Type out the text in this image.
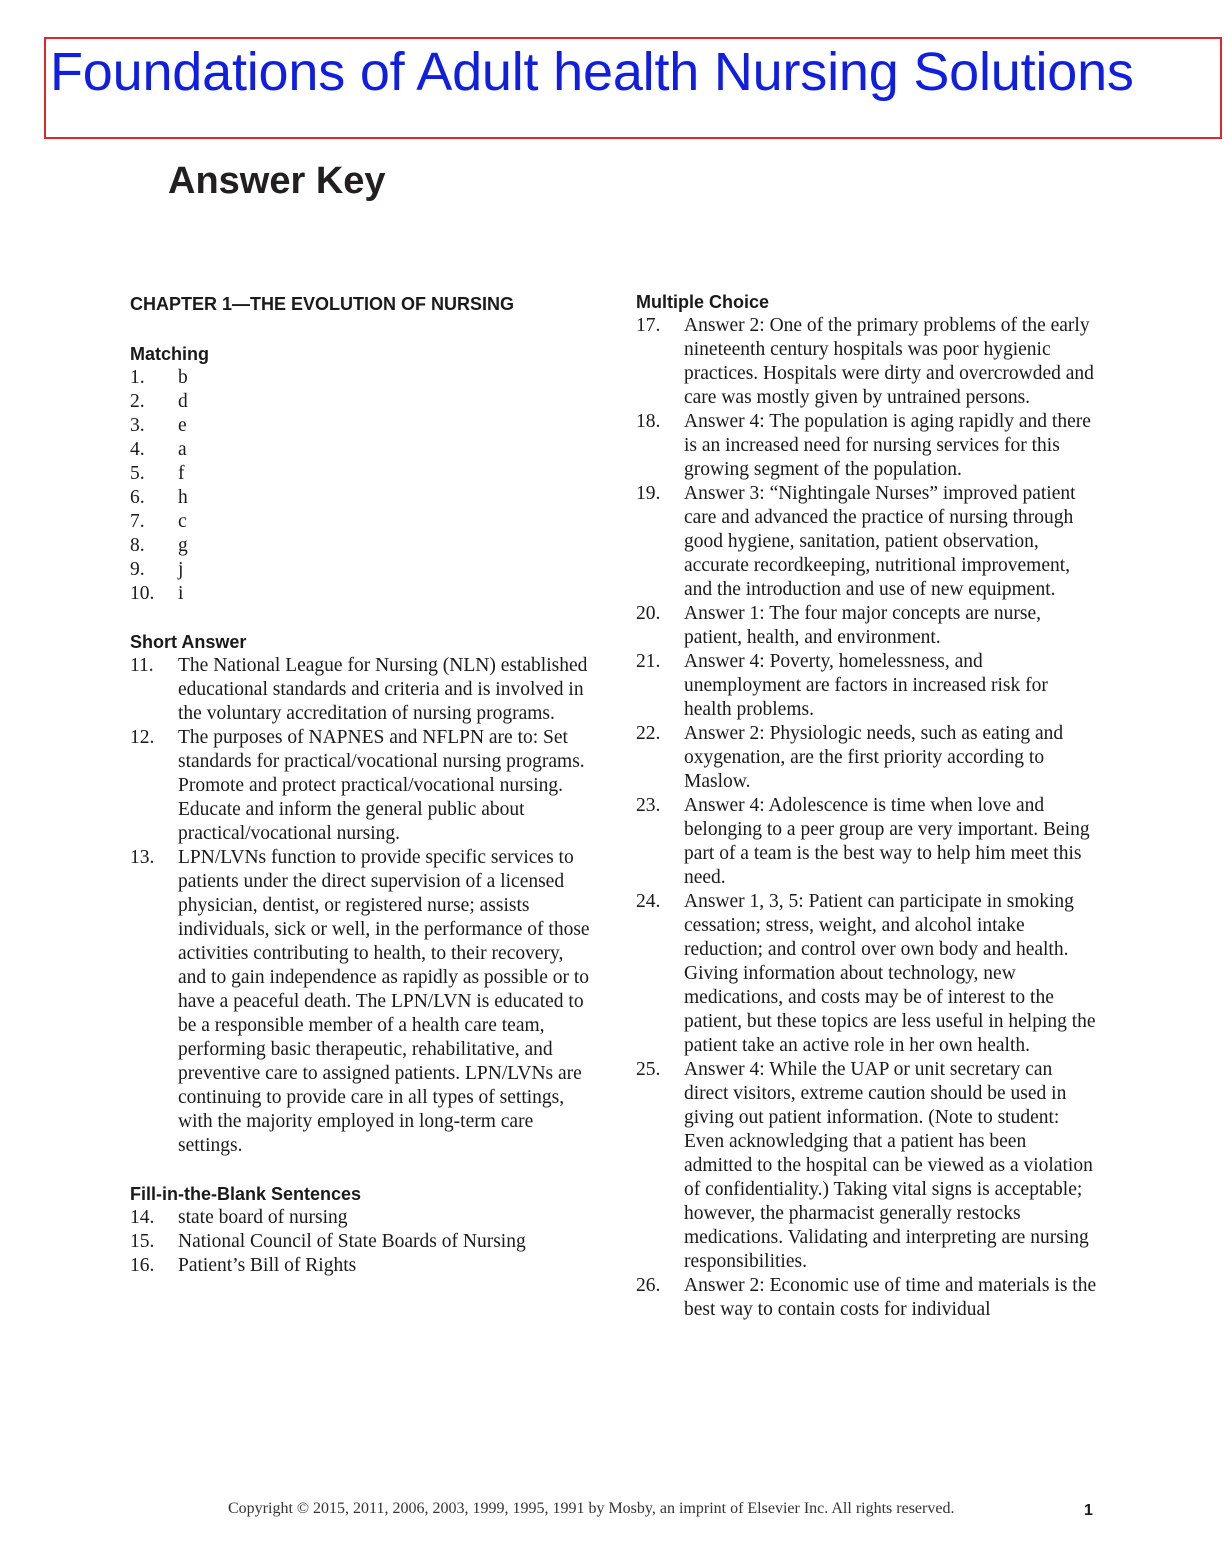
Foundations of Adult health Nursing Solutions
Answer Key
CHAPTER 1—THE EVOLUTION OF NURSING
Matching
1.	b
2.	d
3.	e
4.	a
5.	f
6.	h
7.	c
8.	g
9.	j
10.	i
Short Answer
11.	The National League for Nursing (NLN) established educational standards and criteria and is involved in the voluntary accreditation of nursing programs.

12.	The purposes of NAPNES and NFLPN are to: Set standards for practical/vocational nursing programs.

Promote and protect practical/vocational nursing.

Educate and inform the general public about practical/vocational nursing.

13.	LPN/LVNs function to provide specific services to patients under the direct supervision of a licensed physician, dentist, or registered nurse; assists individuals, sick or well, in the performance of those activities contributing to health, to their recovery, and to gain independence as rapidly as possible or to have a peaceful death. The LPN/LVN is educated to be a responsible member of a health care team, performing basic therapeutic, rehabilitative, and preventive care to assigned patients. LPN/LVNs are continuing to provide care in all types of settings, with the majority employed in long-term care settings.

Fill-in-the-Blank Sentences
14.	state board of nursing
15.	National Council of State Boards of Nursing
16.	Patient’s Bill of Rights
Multiple Choice
17.	Answer 2: One of the primary problems of the early nineteenth century hospitals was poor hygienic practices. Hospitals were dirty and overcrowded and care was mostly given by untrained persons.

18.	Answer 4: The population is aging rapidly and there is an increased need for nursing services for this growing segment of the population.

19.	Answer 3: “Nightingale Nurses” improved patient care and advanced the practice of nursing through good hygiene, sanitation, patient observation, accurate recordkeeping, nutritional improvement, and the introduction and use of new equipment.

20.	Answer 1: The four major concepts are nurse, patient, health, and environment.

21.	Answer 4: Poverty, homelessness, and unemployment are factors in increased risk for health problems.

22.	Answer 2: Physiologic needs, such as eating and oxygenation, are the first priority according to Maslow.

23.	Answer 4: Adolescence is time when love and belonging to a peer group are very important. Being part of a team is the best way to help him meet this need.

24.	Answer 1, 3, 5: Patient can participate in smoking cessation; stress, weight, and alcohol intake reduction; and control over own body and health. Giving information about technology, new medications, and costs may be of interest to the patient, but these topics are less useful in helping the patient take an active role in her own health.

25.	Answer 4: While the UAP or unit secretary can direct visitors, extreme caution should be used in giving out patient information. (Note to student: Even acknowledging that a patient has been admitted to the hospital can be viewed as a violation of confidentiality.) Taking vital signs is acceptable; however, the pharmacist generally restocks medications. Validating and interpreting are nursing responsibilities.

26.	Answer 2: Economic use of time and materials is the best way to contain costs for individual

Copyright © 2015, 2011, 2006, 2003, 1999, 1995, 1991 by Mosby, an imprint of Elsevier Inc. All rights reserved.	1
